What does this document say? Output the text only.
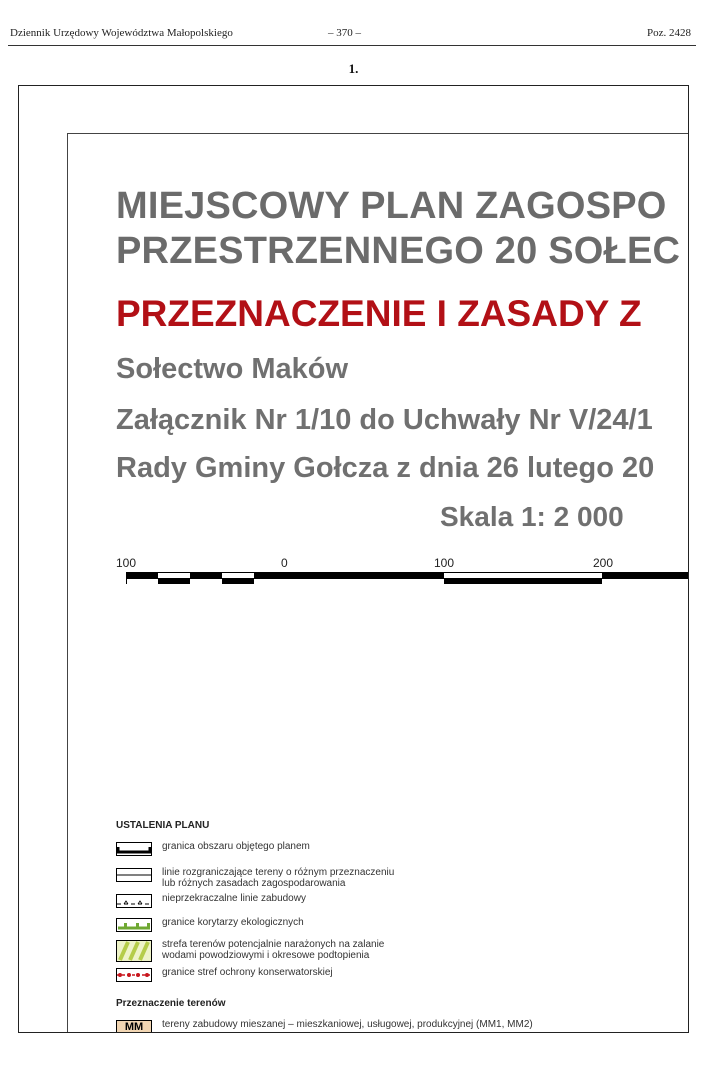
Dziennik Urzędowy Województwa Małopolskiego	– 370 –	Poz. 2428
1.
MIEJSCOWY PLAN ZAGOSPO
PRZESTRZENNEGO 20 SOŁEC
PRZEZNACZENIE I ZASADY Z
Sołectwo Maków
Załącznik Nr 1/10 do Uchwały Nr V/24/1
Rady Gminy Gołcza z dnia 26 lutego 20
Skala 1: 2 000
100	0	100	200
USTALENIA PLANU
granica obszaru objętego planem
linie rozgraniczające tereny o różnym przeznaczeniu
lub różnych zasadach zagospodarowania
nieprzekraczalne linie zabudowy
granice korytarzy ekologicznych
strefa terenów potencjalnie narażonych na zalanie
wodami powodziowymi i okresowe podtopienia
granice stref ochrony konserwatorskiej
Przeznaczenie terenów
MM	tereny zabudowy mieszanej – mieszkaniowej, usługowej, produkcyjnej (MM1, MM2)
